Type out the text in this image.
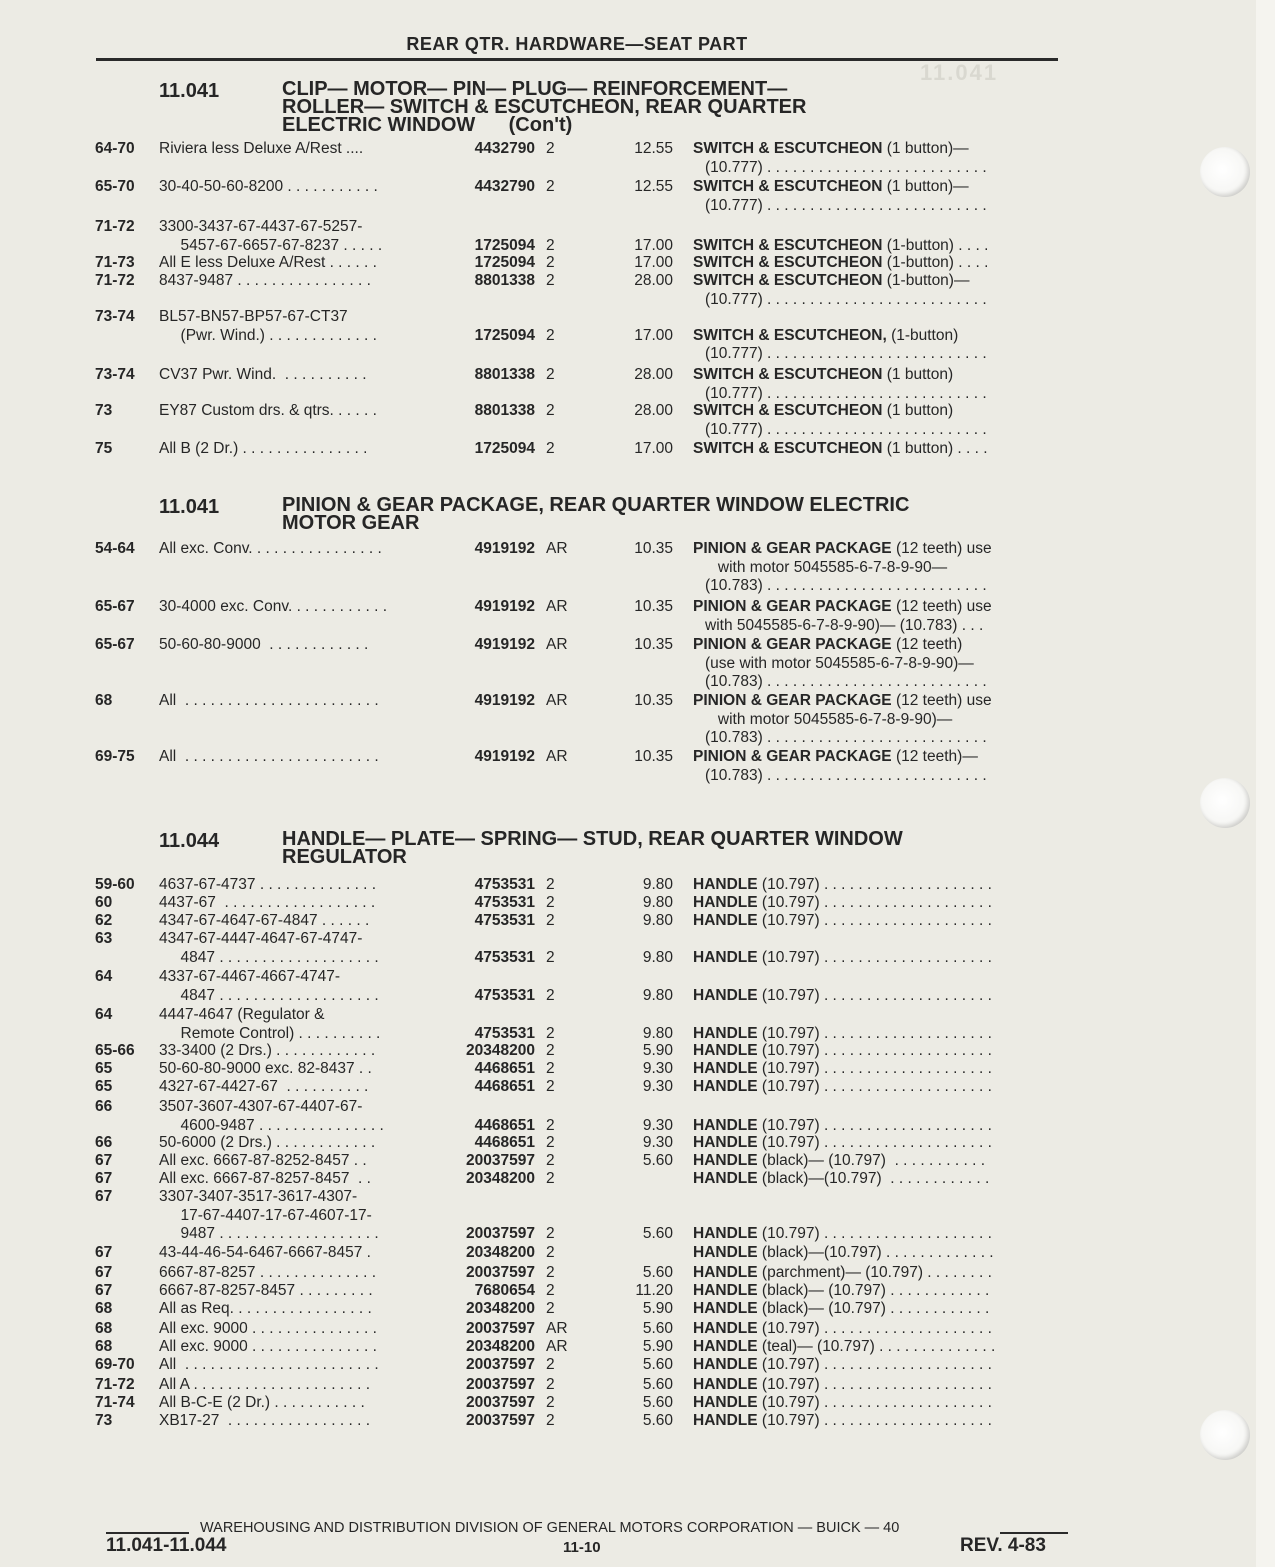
11.041
REAR QTR. HARDWARE—SEAT PART
11.041	CLIP— MOTOR— PIN— PLUG— REINFORCEMENT—
ROLLER— SWITCH & ESCUTCHEON, REAR QUARTER
ELECTRIC WINDOW      (Con't)
64-70 Riviera less Deluxe A/Rest ....	4432790 2	12.55 SWITCH & ESCUTCHEON (1 button)—
(10.777) . . . . . . . . . . . . . . . . . . . . . . . . . .
65-70 30-40-50-60-8200 . . . . . . . . . . .	4432790 2	12.55 SWITCH & ESCUTCHEON (1 button)—
(10.777) . . . . . . . . . . . . . . . . . . . . . . . . . .
71-72 3300-3437-67-4437-67-5257-
5457-67-6657-67-8237 . . . . .	1725094 2	17.00 SWITCH & ESCUTCHEON (1-button) . . . .
71-73 All E less Deluxe A/Rest . . . . . .	1725094 2	17.00 SWITCH & ESCUTCHEON (1-button) . . . .
71-72 8437-9487 . . . . . . . . . . . . . . . .	8801338 2	28.00 SWITCH & ESCUTCHEON (1-button)—
(10.777) . . . . . . . . . . . . . . . . . . . . . . . . . .
73-74 BL57-BN57-BP57-67-CT37
(Pwr. Wind.) . . . . . . . . . . . . .	1725094 2	17.00 SWITCH & ESCUTCHEON, (1-button)
(10.777) . . . . . . . . . . . . . . . . . . . . . . . . . .
73-74 CV37 Pwr. Wind.  . . . . . . . . . .	8801338 2	28.00 SWITCH & ESCUTCHEON (1 button)
(10.777) . . . . . . . . . . . . . . . . . . . . . . . . . .
73	EY87 Custom drs. & qtrs. . . . . .	8801338 2	28.00 SWITCH & ESCUTCHEON (1 button)
(10.777) . . . . . . . . . . . . . . . . . . . . . . . . . .
75	All B (2 Dr.) . . . . . . . . . . . . . . .	1725094 2	17.00 SWITCH & ESCUTCHEON (1 button) . . . .
11.041	PINION & GEAR PACKAGE, REAR QUARTER WINDOW ELECTRIC
MOTOR GEAR
54-64 All exc. Conv. . . . . . . . . . . . . . . .	4919192 AR	10.35 PINION & GEAR PACKAGE (12 teeth) use
with motor 5045585-6-7-8-9-90—
(10.783) . . . . . . . . . . . . . . . . . . . . . . . . . .
65-67 30-4000 exc. Conv. . . . . . . . . . . .	4919192 AR	10.35 PINION & GEAR PACKAGE (12 teeth) use
with 5045585-6-7-8-9-90)— (10.783) . . .
65-67 50-60-80-9000  . . . . . . . . . . . .	4919192 AR	10.35 PINION & GEAR PACKAGE (12 teeth)
(use with motor 5045585-6-7-8-9-90)—
(10.783) . . . . . . . . . . . . . . . . . . . . . . . . . .
68	All  . . . . . . . . . . . . . . . . . . . . . . .	4919192 AR	10.35 PINION & GEAR PACKAGE (12 teeth) use
with motor 5045585-6-7-8-9-90)—
(10.783) . . . . . . . . . . . . . . . . . . . . . . . . . .
69-75 All  . . . . . . . . . . . . . . . . . . . . . . .	4919192 AR	10.35 PINION & GEAR PACKAGE (12 teeth)—
(10.783) . . . . . . . . . . . . . . . . . . . . . . . . . .
11.044	HANDLE— PLATE— SPRING— STUD, REAR QUARTER WINDOW
REGULATOR
59-60 4637-67-4737 . . . . . . . . . . . . . .	4753531 2	9.80 HANDLE (10.797) . . . . . . . . . . . . . . . . . . . .
60	4437-67  . . . . . . . . . . . . . . . . . .	4753531 2	9.80 HANDLE (10.797) . . . . . . . . . . . . . . . . . . . .
62	4347-67-4647-67-4847 . . . . . .	4753531 2	9.80 HANDLE (10.797) . . . . . . . . . . . . . . . . . . . .
63	4347-67-4447-4647-67-4747-
4847 . . . . . . . . . . . . . . . . . . .	4753531 2	9.80 HANDLE (10.797) . . . . . . . . . . . . . . . . . . . .
64	4337-67-4467-4667-4747-
4847 . . . . . . . . . . . . . . . . . . .	4753531 2	9.80 HANDLE (10.797) . . . . . . . . . . . . . . . . . . . .
64	4447-4647 (Regulator &
Remote Control) . . . . . . . . . .	4753531 2	9.80 HANDLE (10.797) . . . . . . . . . . . . . . . . . . . .
65-66 33-3400 (2 Drs.) . . . . . . . . . . . .	20348200 2	5.90 HANDLE (10.797) . . . . . . . . . . . . . . . . . . . .
65	50-60-80-9000 exc. 82-8437 . .	4468651 2	9.30 HANDLE (10.797) . . . . . . . . . . . . . . . . . . . .
65	4327-67-4427-67  . . . . . . . . . .	4468651 2	9.30 HANDLE (10.797) . . . . . . . . . . . . . . . . . . . .
66	3507-3607-4307-67-4407-67-
4600-9487 . . . . . . . . . . . . . . .	4468651 2	9.30 HANDLE (10.797) . . . . . . . . . . . . . . . . . . . .
66	50-6000 (2 Drs.) . . . . . . . . . . . .	4468651 2	9.30 HANDLE (10.797) . . . . . . . . . . . . . . . . . . . .
67	All exc. 6667-87-8252-8457 . .	20037597 2	5.60 HANDLE (black)— (10.797)  . . . . . . . . . . .
67	All exc. 6667-87-8257-8457  . .	20348200 2	HANDLE (black)—(10.797)  . . . . . . . . . . . .
67	3307-3407-3517-3617-4307-
17-67-4407-17-67-4607-17-
9487 . . . . . . . . . . . . . . . . . . .	20037597 2	5.60 HANDLE (10.797) . . . . . . . . . . . . . . . . . . . .
67	43-44-46-54-6467-6667-8457 .	20348200 2	HANDLE (black)—(10.797) . . . . . . . . . . . . .
67	6667-87-8257 . . . . . . . . . . . . . .	20037597 2	5.60 HANDLE (parchment)— (10.797) . . . . . . . .
67	6667-87-8257-8457 . . . . . . . . .	7680654 2	11.20 HANDLE (black)— (10.797) . . . . . . . . . . . .
68	All as Req. . . . . . . . . . . . . . . . .	20348200 2	5.90 HANDLE (black)— (10.797) . . . . . . . . . . . .
68	All exc. 9000 . . . . . . . . . . . . . . .	20037597 AR	5.60 HANDLE (10.797) . . . . . . . . . . . . . . . . . . . .
68	All exc. 9000 . . . . . . . . . . . . . . .	20348200 AR	5.90 HANDLE (teal)— (10.797) . . . . . . . . . . . . . .
69-70 All  . . . . . . . . . . . . . . . . . . . . . . .	20037597 2	5.60 HANDLE (10.797) . . . . . . . . . . . . . . . . . . . .
71-72 All A . . . . . . . . . . . . . . . . . . . . .	20037597 2	5.60 HANDLE (10.797) . . . . . . . . . . . . . . . . . . . .
71-74 All B-C-E (2 Dr.) . . . . . . . . . . .	20037597 2	5.60 HANDLE (10.797) . . . . . . . . . . . . . . . . . . . .
73	XB17-27  . . . . . . . . . . . . . . . . .	20037597 2	5.60 HANDLE (10.797) . . . . . . . . . . . . . . . . . . . .
WAREHOUSING AND DISTRIBUTION DIVISION OF GENERAL MOTORS CORPORATION — BUICK — 40
11.041-11.044	11-10	REV. 4-83
